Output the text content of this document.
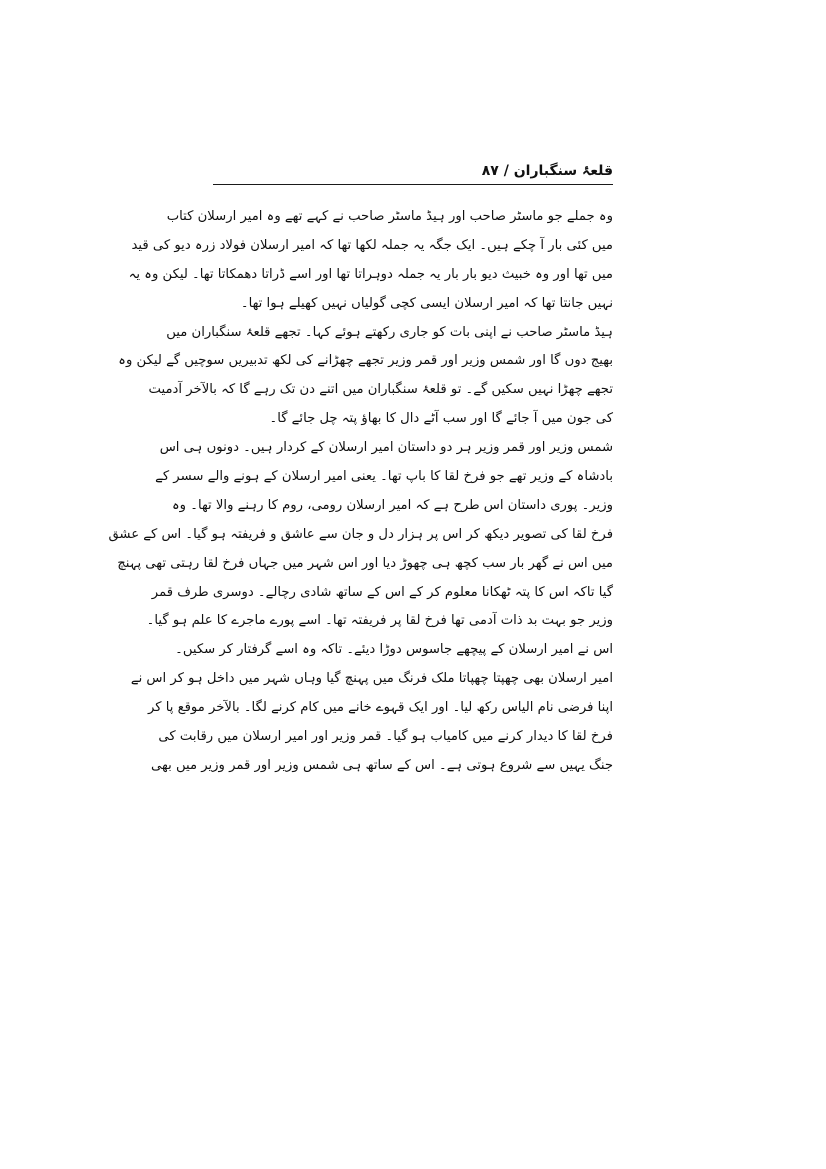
قلعۂ سنگباران / ۸۷
وہ جملے جو ماسٹر صاحب اور ہیڈ ماسٹر صاحب نے کہے تھے وہ امیر ارسلان کتاب
میں کئی بار آ چکے ہیں۔ ایک جگہ یہ جملہ لکھا تھا کہ امیر ارسلان فولاد زرہ دیو کی قید
میں تھا اور وہ خبیث دیو بار بار یہ جملہ دوہراتا تھا اور اسے ڈراتا دھمکاتا تھا۔ لیکن وہ یہ
نہیں جانتا تھا کہ امیر ارسلان ایسی کچی گولیاں نہیں کھیلے ہوا تھا۔
ہیڈ ماسٹر صاحب نے اپنی بات کو جاری رکھتے ہوئے کہا۔ تجھے قلعۂ سنگباران میں
بھیج دوں گا اور شمس وزیر اور قمر وزیر تجھے چھڑانے کی لکھ تدبیریں سوچیں گے لیکن وہ
تجھے چھڑا نہیں سکیں گے۔ تو قلعۂ سنگباران میں اتنے دن تک رہے گا کہ بالآخر آدمیت
کی جون میں آ جائے گا اور سب آٹے دال کا بھاؤ پتہ چل جائے گا۔
شمس وزیر اور قمر وزیر ہر دو داستان امیر ارسلان کے کردار ہیں۔ دونوں ہی اس
بادشاہ کے وزیر تھے جو فرخ لقا کا باپ تھا۔ یعنی امیر ارسلان کے ہونے والے سسر کے
وزیر۔ پوری داستان اس طرح ہے کہ امیر ارسلان رومی، روم کا رہنے والا تھا۔ وہ
فرخ لقا کی تصویر دیکھ کر اس پر ہزار دل و جان سے عاشق و فریفتہ ہو گیا۔ اس کے عشق
میں اس نے گھر بار سب کچھ ہی چھوڑ دیا اور اس شہر میں جہاں فرخ لقا رہتی تھی پہنچ
گیا تاکہ اس کا پتہ ٹھکانا معلوم کر کے اس کے ساتھ شادی رچالے۔ دوسری طرف قمر
وزیر جو بہت بد ذات آدمی تھا فرخ لقا پر فریفتہ تھا۔ اسے پورے ماجرے کا علم ہو گیا۔
اس نے امیر ارسلان کے پیچھے جاسوس دوڑا دیئے۔ تاکہ وہ اسے گرفتار کر سکیں۔
امیر ارسلان بھی چھپتا چھپاتا ملک فرنگ میں پہنچ گیا وہاں شہر میں داخل ہو کر اس نے
اپنا فرضی نام الیاس رکھ لیا۔ اور ایک قہوے خانے میں کام کرنے لگا۔ بالآخر موقع پا کر
فرخ لقا کا دیدار کرنے میں کامیاب ہو گیا۔ قمر وزیر اور امیر ارسلان میں رقابت کی
جنگ یہیں سے شروع ہوتی ہے۔ اس کے ساتھ ہی شمس وزیر اور قمر وزیر میں بھی
